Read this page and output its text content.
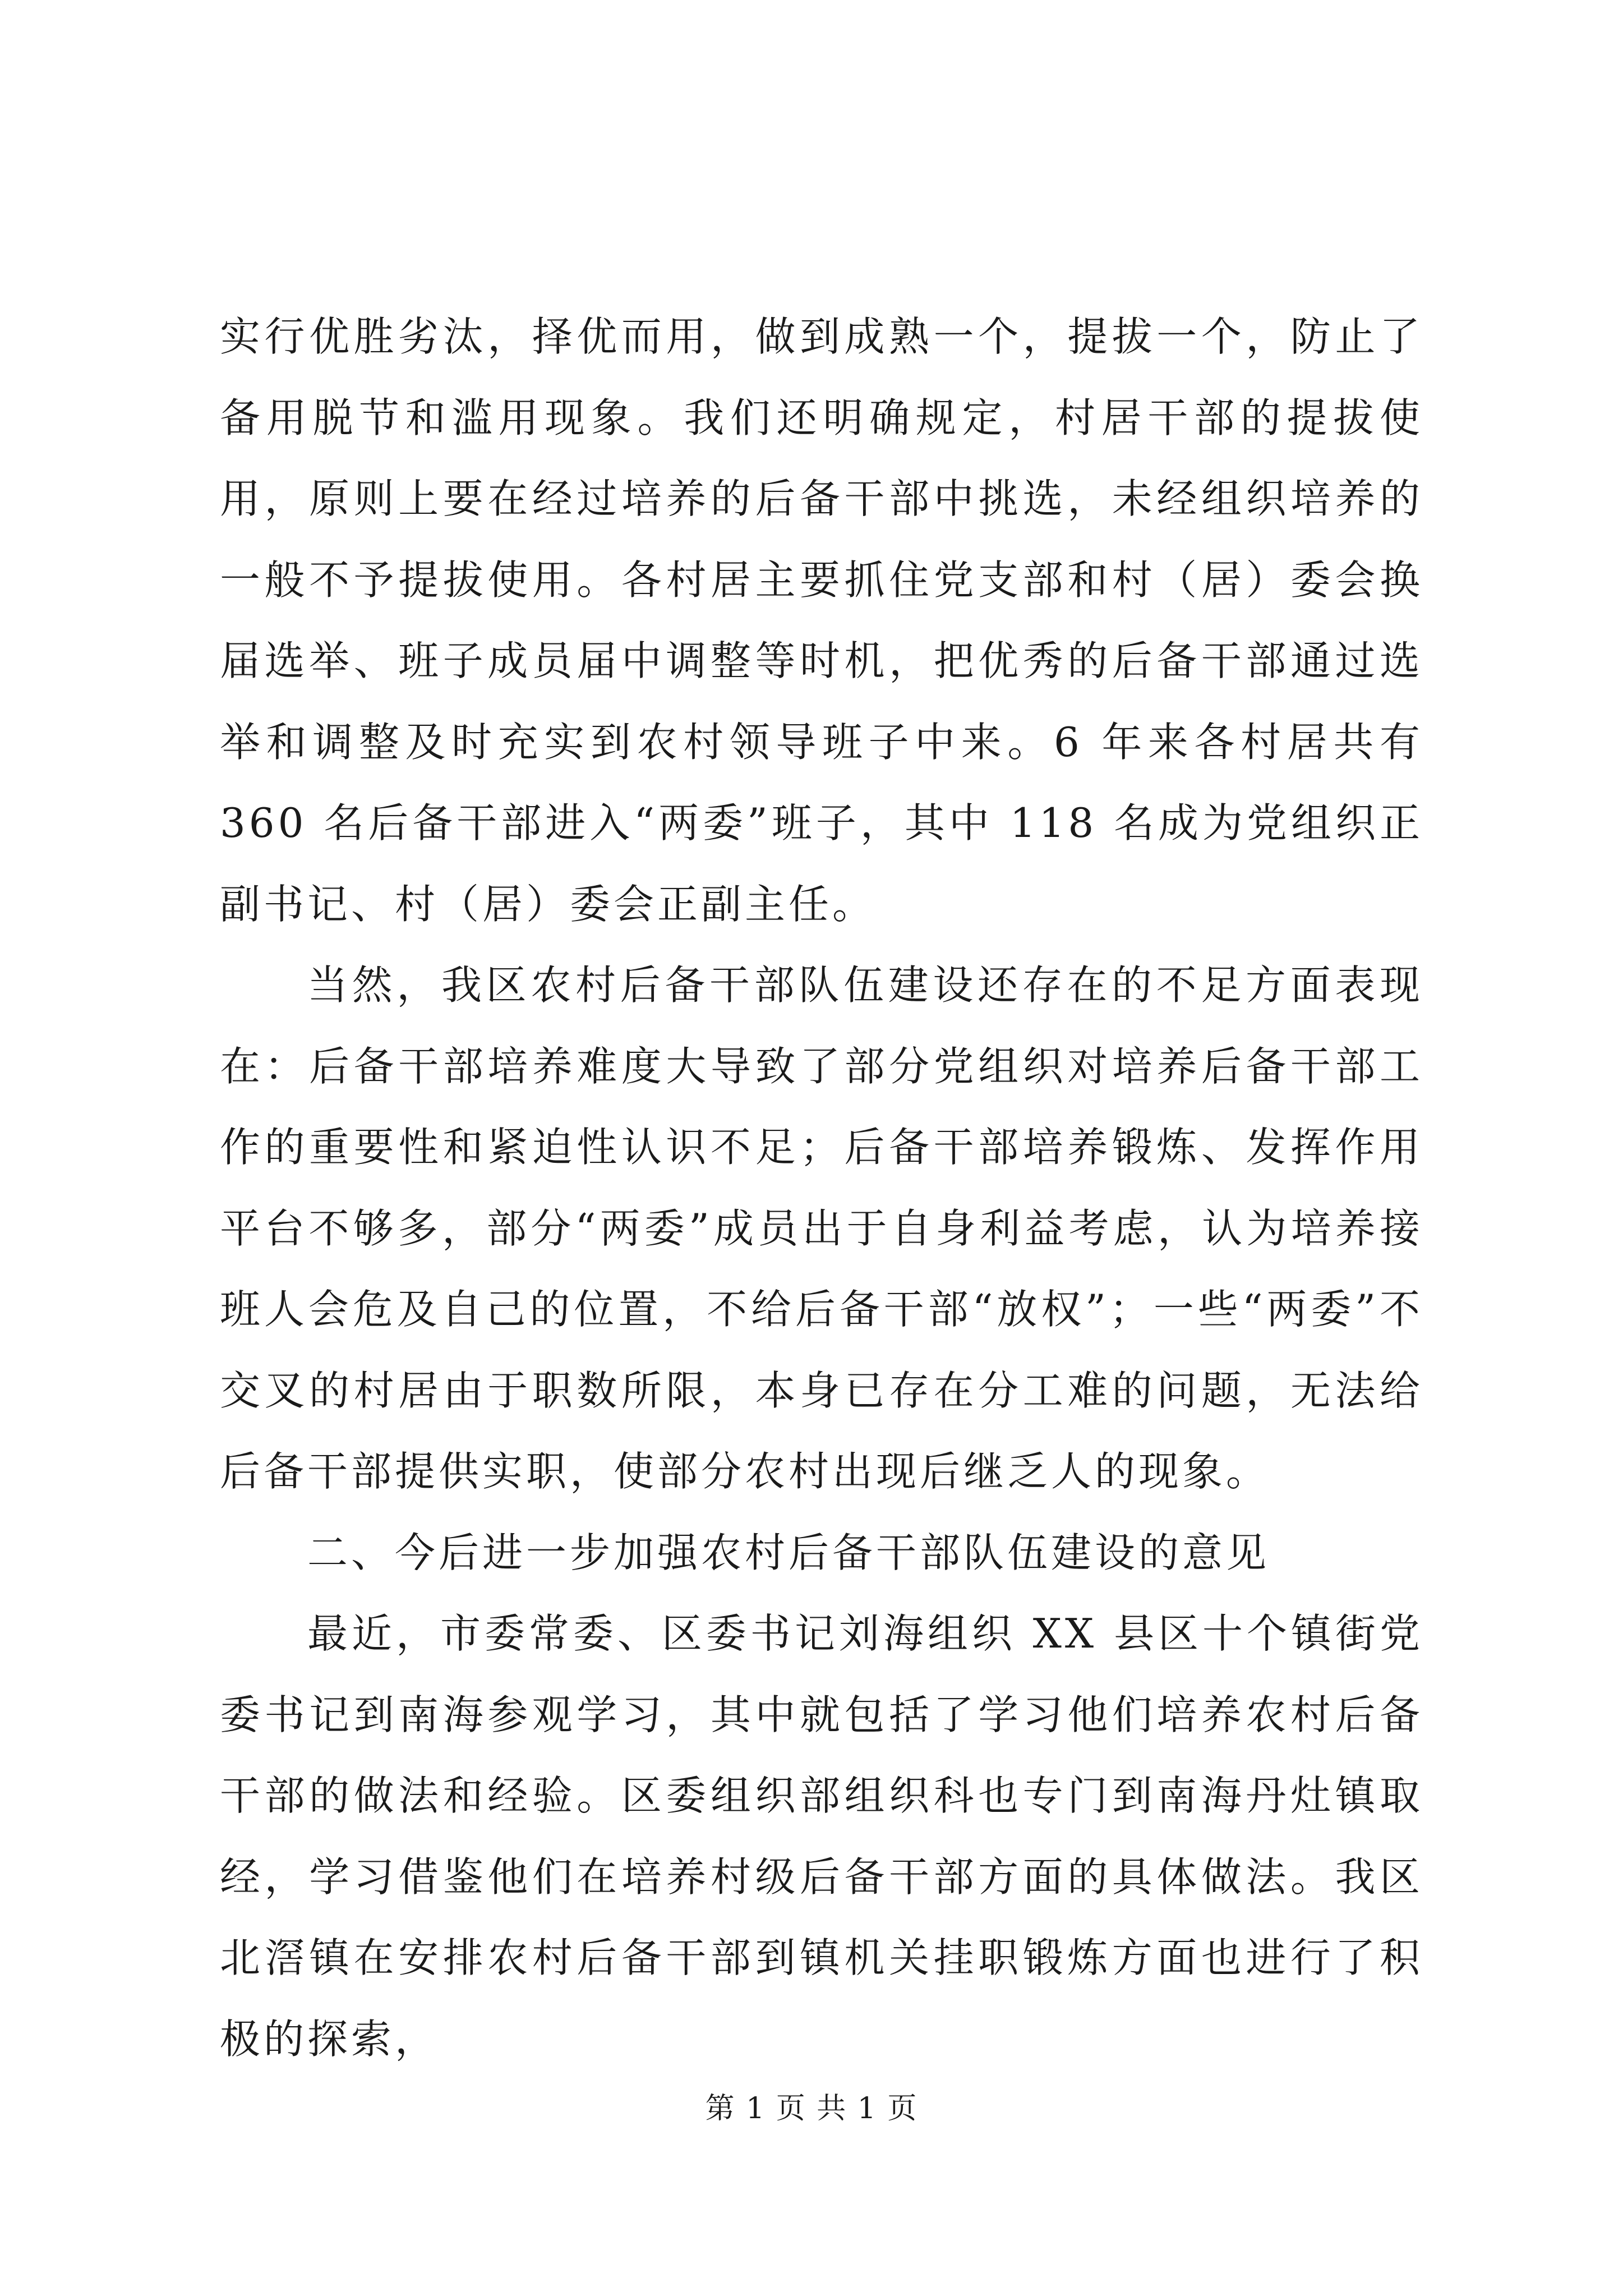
实行优胜劣汰，择优而用，做到成熟一个，提拔一个，防止了备用脱节和滥用现象。我们还明确规定，村居干部的提拔使用，原则上要在经过培养的后备干部中挑选，未经组织培养的一般不予提拔使用。各村居主要抓住党支部和村（居）委会换届选举、班子成员届中调整等时机，把优秀的后备干部通过选举和调整及时充实到农村领导班子中来。6 年来各村居共有 360 名后备干部进入“两委”班子，其中 118 名成为党组织正副书记、村（居）委会正副主任。

当然，我区农村后备干部队伍建设还存在的不足方面表现在：后备干部培养难度大导致了部分党组织对培养后备干部工作的重要性和紧迫性认识不足；后备干部培养锻炼、发挥作用平台不够多，部分“两委”成员出于自身利益考虑，认为培养接班人会危及自己的位置，不给后备干部“放权”；一些“两委”不交叉的村居由于职数所限，本身已存在分工难的问题，无法给后备干部提供实职，使部分农村出现后继乏人的现象。

二、今后进一步加强农村后备干部队伍建设的意见

最近，市委常委、区委书记刘海组织 XX 县区十个镇街党委书记到南海参观学习，其中就包括了学习他们培养农村后备干部的做法和经验。区委组织部组织科也专门到南海丹灶镇取经，学习借鉴他们在培养村级后备干部方面的具体做法。我区北滘镇在安排农村后备干部到镇机关挂职锻炼方面也进行了积极的探索，

第 1 页 共 1 页
